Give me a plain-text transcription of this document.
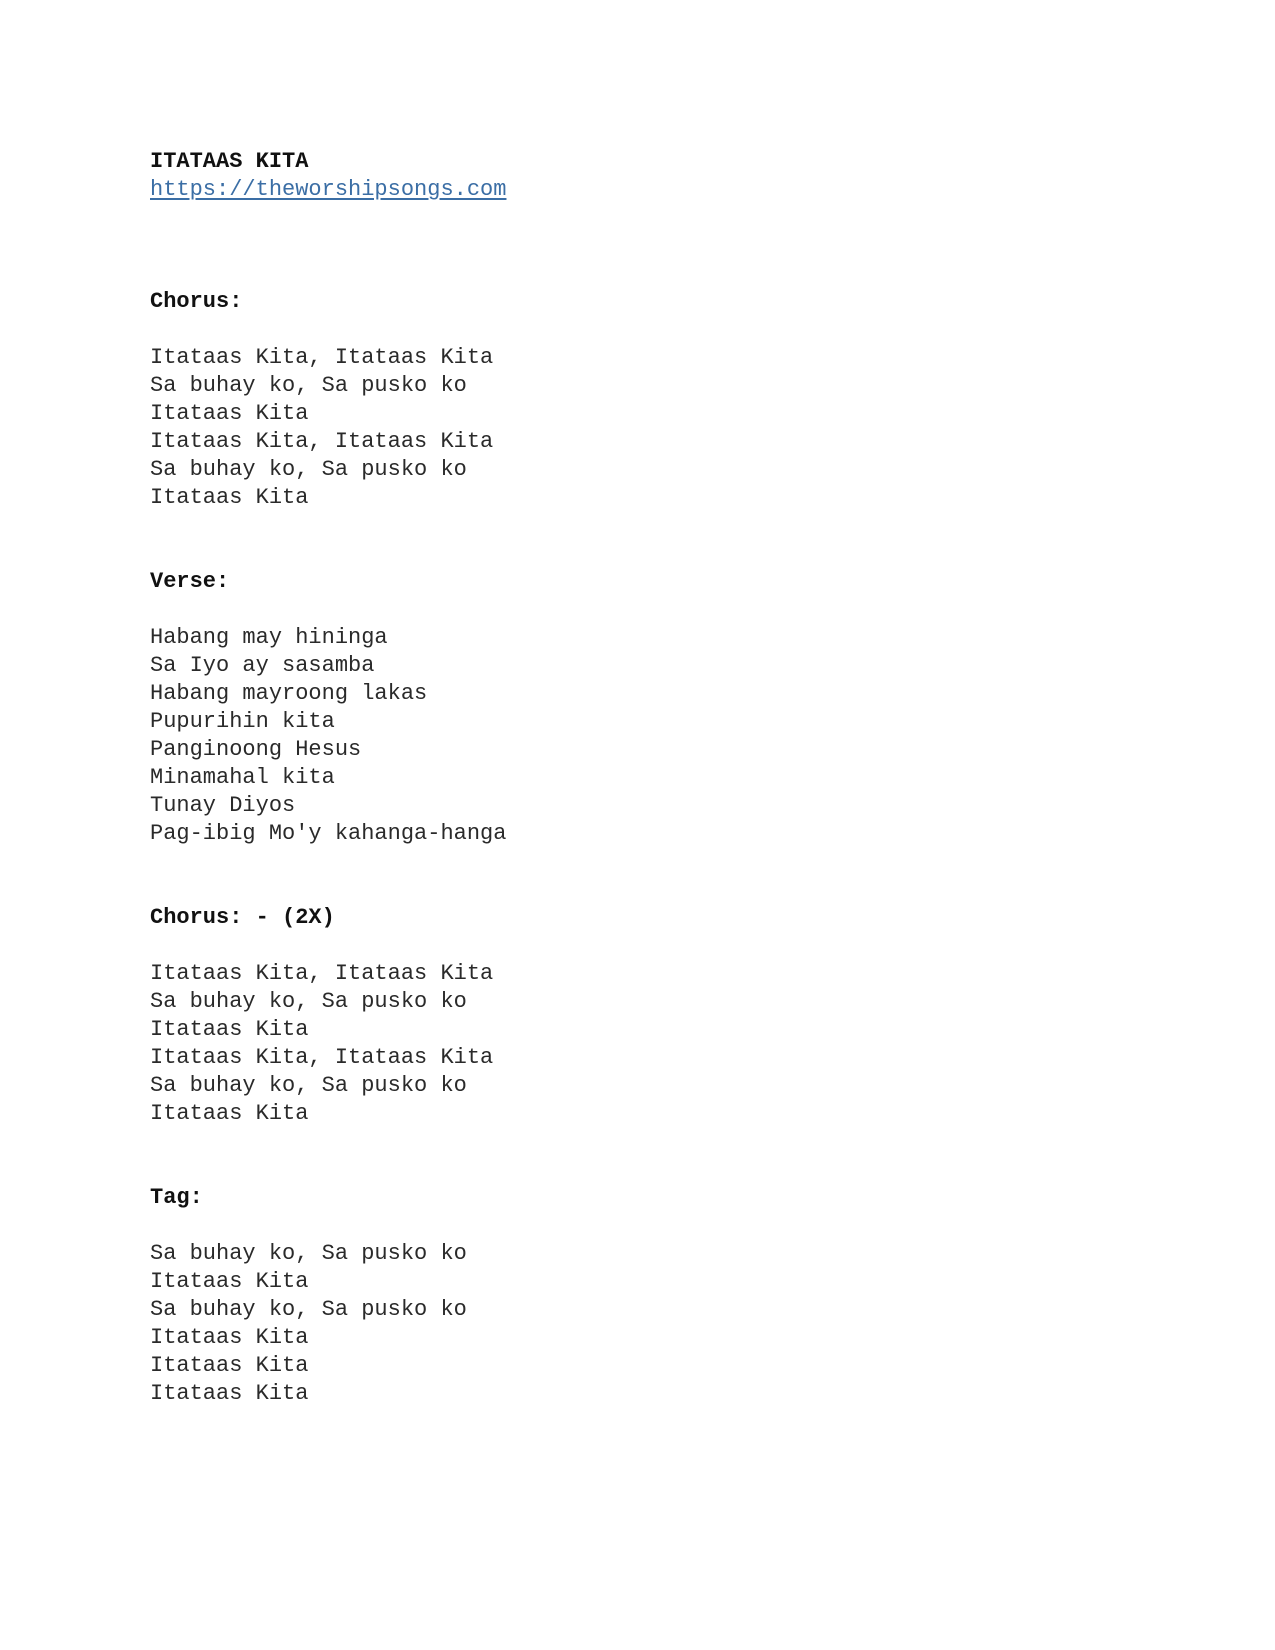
ITATAAS KITA
https://theworshipsongs.com
Chorus:
Itataas Kita, Itataas Kita
Sa buhay ko, Sa pusko ko
Itataas Kita
Itataas Kita, Itataas Kita
Sa buhay ko, Sa pusko ko
Itataas Kita
Verse:
Habang may hininga
Sa Iyo ay sasamba
Habang mayroong lakas
Pupurihin kita
Panginoong Hesus
Minamahal kita
Tunay Diyos
Pag-ibig Mo'y kahanga-hanga
Chorus: - (2X)
Itataas Kita, Itataas Kita
Sa buhay ko, Sa pusko ko
Itataas Kita
Itataas Kita, Itataas Kita
Sa buhay ko, Sa pusko ko
Itataas Kita
Tag:
Sa buhay ko, Sa pusko ko
Itataas Kita
Sa buhay ko, Sa pusko ko
Itataas Kita
Itataas Kita
Itataas Kita
